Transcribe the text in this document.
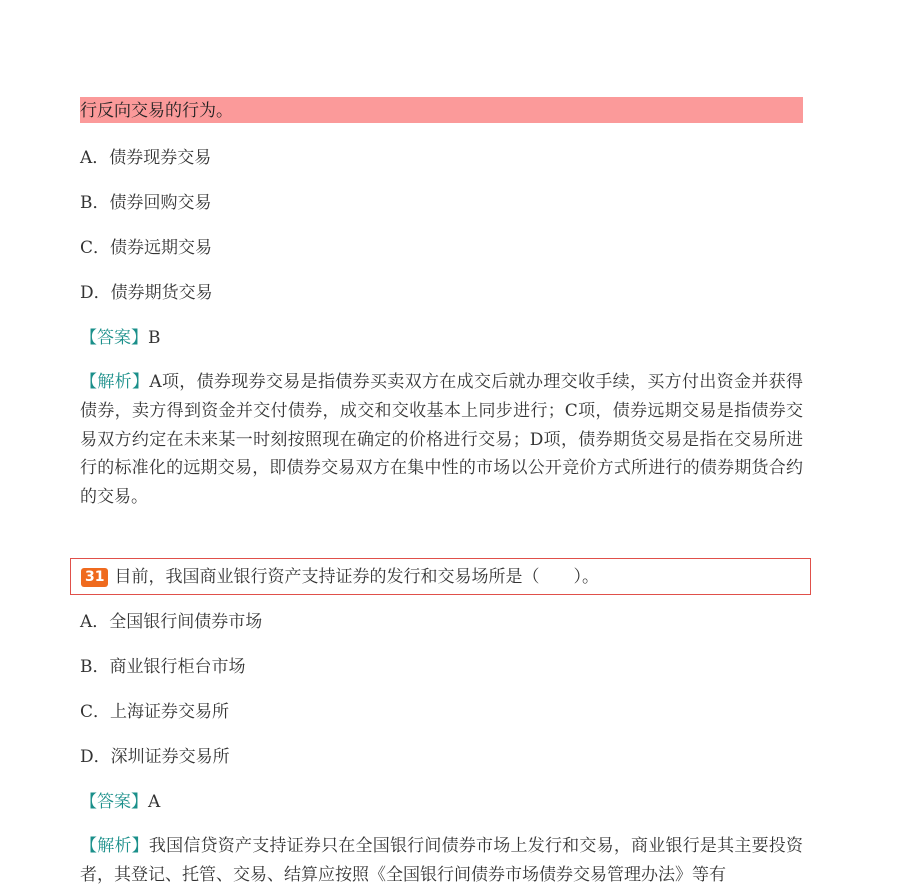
行反向交易的行为。
A．债券现券交易
B．债券回购交易
C．债券远期交易
D．债券期货交易
【答案】B
【解析】A项，债券现券交易是指债券买卖双方在成交后就办理交收手续，买方付出资金并获得债券，卖方得到资金并交付债券，成交和交收基本上同步进行；C项，债券远期交易是指债券交易双方约定在未来某一时刻按照现在确定的价格进行交易；D项，债券期货交易是指在交易所进行的标准化的远期交易，即债券交易双方在集中性的市场以公开竞价方式所进行的债券期货合约的交易。
31 目前，我国商业银行资产支持证券的发行和交易场所是（　　）。
A．全国银行间债券市场
B．商业银行柜台市场
C．上海证券交易所
D．深圳证券交易所
【答案】A
【解析】我国信贷资产支持证券只在全国银行间债券市场上发行和交易，商业银行是其主要投资者，其登记、托管、交易、结算应按照《全国银行间债券市场债券交易管理办法》等有
